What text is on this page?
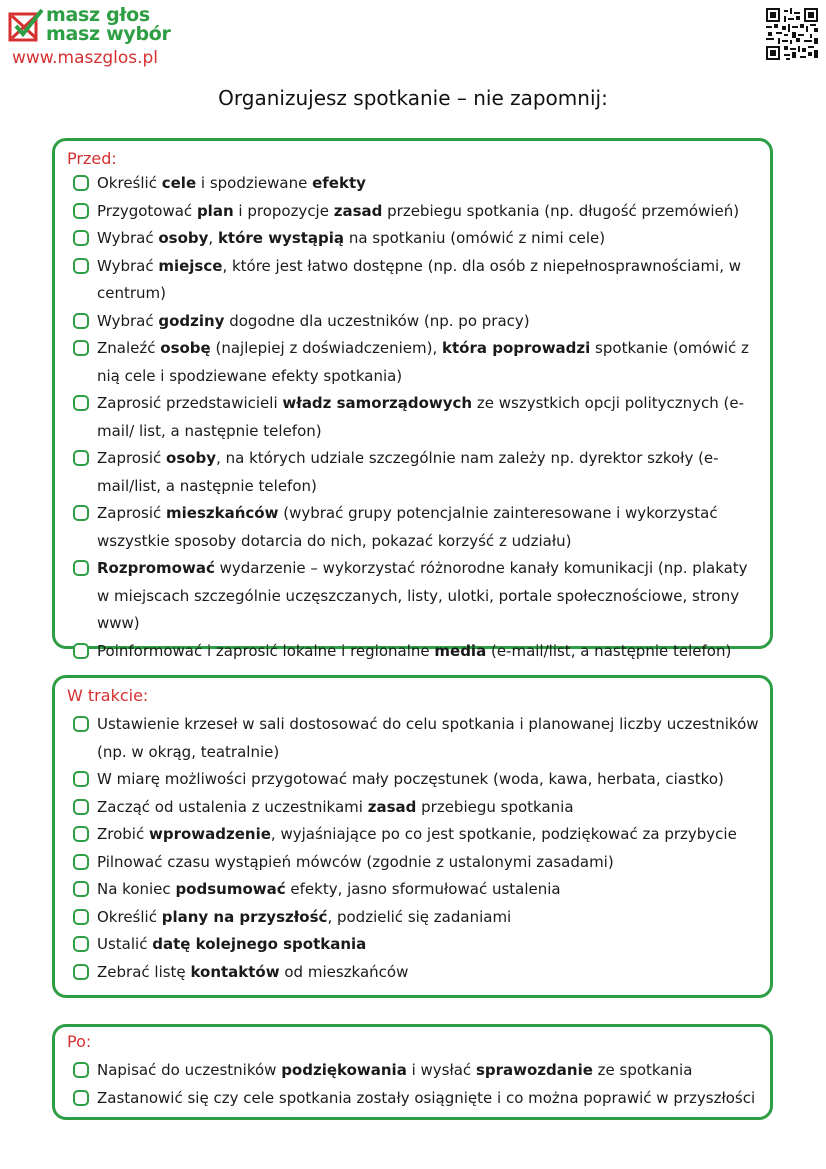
masz głos
masz wybór
www.maszglos.pl
Organizujesz spotkanie – nie zapomnij:
Przed:
Określić cele i spodziewane efekty
Przygotować plan i propozycje zasad przebiegu spotkania (np. długość przemówień)
Wybrać osoby, które wystąpią na spotkaniu (omówić z nimi cele)
Wybrać miejsce, które jest łatwo dostępne (np. dla osób z niepełnosprawnościami, w centrum)
Wybrać godziny dogodne dla uczestników (np. po pracy)
Znaleźć osobę (najlepiej z doświadczeniem), która poprowadzi spotkanie (omówić z nią cele i spodziewane efekty spotkania)
Zaprosić przedstawicieli władz samorządowych ze wszystkich opcji politycznych (e-mail/ list, a następnie telefon)
Zaprosić osoby, na których udziale szczególnie nam zależy np. dyrektor szkoły (e-mail/list, a następnie telefon)
Zaprosić mieszkańców (wybrać grupy potencjalnie zainteresowane i wykorzystać wszystkie sposoby dotarcia do nich, pokazać korzyść z udziału)
Rozpromować wydarzenie – wykorzystać różnorodne kanały komunikacji (np. plakaty w miejscach szczególnie uczęszczanych, listy, ulotki, portale społecznościowe, strony www)
Poinformować i zaprosić lokalne i regionalne media (e-mail/list, a następnie telefon)
W trakcie:
Ustawienie krzeseł w sali dostosować do celu spotkania i planowanej liczby uczestników (np. w okrąg, teatralnie)
W miarę możliwości przygotować mały poczęstunek (woda, kawa, herbata, ciastko)
Zacząć od ustalenia z uczestnikami zasad przebiegu spotkania
Zrobić wprowadzenie, wyjaśniające po co jest spotkanie, podziękować za przybycie
Pilnować czasu wystąpień mówców (zgodnie z ustalonymi zasadami)
Na koniec podsumować efekty, jasno sformułować ustalenia
Określić plany na przyszłość, podzielić się zadaniami
Ustalić datę kolejnego spotkania
Zebrać listę kontaktów od mieszkańców
Po:
Napisać do uczestników podziękowania i wysłać sprawozdanie ze spotkania
Zastanowić się czy cele spotkania zostały osiągnięte i co można poprawić w przyszłości
